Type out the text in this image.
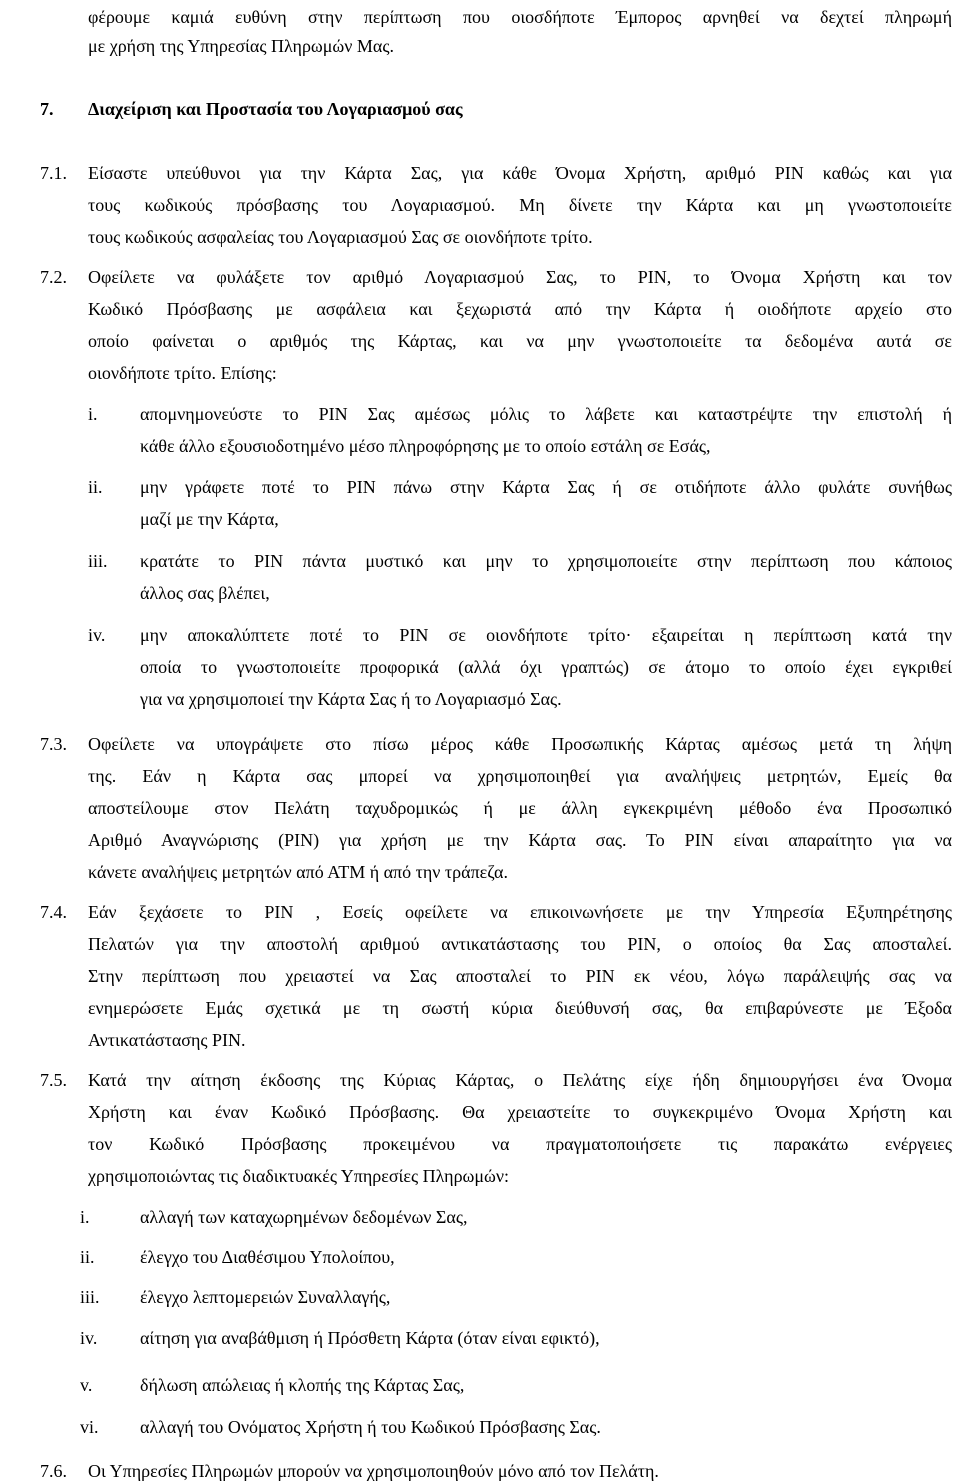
φέρουμε καμιά ευθύνη στην περίπτωση που οιοσδήποτε Έμπορος αρνηθεί να δεχτεί πληρωμή
με χρήση της Υπηρεσίας Πληρωμών Μας.
7. Διαχείριση και Προστασία του Λογαριασμού σας
7.1. Είσαστε υπεύθυνοι για την Κάρτα Σας, για κάθε Όνομα Χρήστη, αριθμό PIN καθώς και για
τους κωδικούς πρόσβασης του Λογαριασμού. Μη δίνετε την Κάρτα και μη γνωστοποιείτε
τους κωδικούς ασφαλείας του Λογαριασμού Σας σε οιονδήποτε τρίτο.
7.2. Οφείλετε να φυλάξετε τον αριθμό Λογαριασμού Σας, το PIN, το Όνομα Χρήστη και τον
Κωδικό Πρόσβασης με ασφάλεια και ξεχωριστά από την Κάρτα ή οιοδήποτε αρχείο στο
οποίο φαίνεται ο αριθμός της Κάρτας, και να μην γνωστοποιείτε τα δεδομένα αυτά σε
οιονδήποτε τρίτο. Επίσης:
i. απομνημονεύστε το PIN Σας αμέσως μόλις το λάβετε και καταστρέψτε την επιστολή ή
κάθε άλλο εξουσιοδοτημένο μέσο πληροφόρησης με το οποίο εστάλη σε Εσάς,
ii. μην γράφετε ποτέ το PIN πάνω στην Κάρτα Σας ή σε οτιδήποτε άλλο φυλάτε συνήθως
μαζί με την Κάρτα,
iii. κρατάτε το PIN πάντα μυστικό και μην το χρησιμοποιείτε στην περίπτωση που κάποιος
άλλος σας βλέπει,
iv. μην αποκαλύπτετε ποτέ το PIN σε οιονδήποτε τρίτο· εξαιρείται η περίπτωση κατά την
οποία το γνωστοποιείτε προφορικά (αλλά όχι γραπτώς) σε άτομο το οποίο έχει εγκριθεί
για να χρησιμοποιεί την Κάρτα Σας ή το Λογαριασμό Σας.
7.3. Οφείλετε να υπογράψετε στο πίσω μέρος κάθε Προσωπικής Κάρτας αμέσως μετά τη λήψη
της. Εάν η Κάρτα σας μπορεί να χρησιμοποιηθεί για αναλήψεις μετρητών, Εμείς θα
αποστείλουμε στον Πελάτη ταχυδρομικώς ή με άλλη εγκεκριμένη μέθοδο ένα Προσωπικό
Αριθμό Αναγνώρισης (PIN) για χρήση με την Κάρτα σας. Το PIN είναι απαραίτητο για να
κάνετε αναλήψεις μετρητών από ΑΤΜ ή από την τράπεζα.
7.4. Εάν ξεχάσετε το PIN , Εσείς οφείλετε να επικοινωνήσετε με την Υπηρεσία Εξυπηρέτησης
Πελατών για την αποστολή αριθμού αντικατάστασης του PIN, ο οποίος θα Σας αποσταλεί.
Στην περίπτωση που χρειαστεί να Σας αποσταλεί το PIN εκ νέου, λόγω παράλειψής σας να
ενημερώσετε Εμάς σχετικά με τη σωστή κύρια διεύθυνσή σας, θα επιβαρύνεστε με Έξοδα
Αντικατάστασης PIN.
7.5. Κατά την αίτηση έκδοσης της Κύριας Κάρτας, ο Πελάτης είχε ήδη δημιουργήσει ένα Όνομα
Χρήστη και έναν Κωδικό Πρόσβασης. Θα χρειαστείτε το συγκεκριμένο Όνομα Χρήστη και
τον Κωδικό Πρόσβασης προκειμένου να πραγματοποιήσετε τις παρακάτω ενέργειες
χρησιμοποιώντας τις διαδικτυακές Υπηρεσίες Πληρωμών:
i.	αλλαγή των καταχωρημένων δεδομένων Σας,
ii.	έλεγχο του Διαθέσιμου Υπολοίπου,
iii. έλεγχο λεπτομερειών Συναλλαγής,
iv. αίτηση για αναβάθμιση ή Πρόσθετη Κάρτα (όταν είναι εφικτό),
v.	δήλωση απώλειας ή κλοπής της Κάρτας Σας,
vi. αλλαγή του Ονόματος Χρήστη ή του Κωδικού Πρόσβασης Σας.
7.6. Οι Υπηρεσίες Πληρωμών μπορούν να χρησιμοποιηθούν μόνο από τον Πελάτη.
